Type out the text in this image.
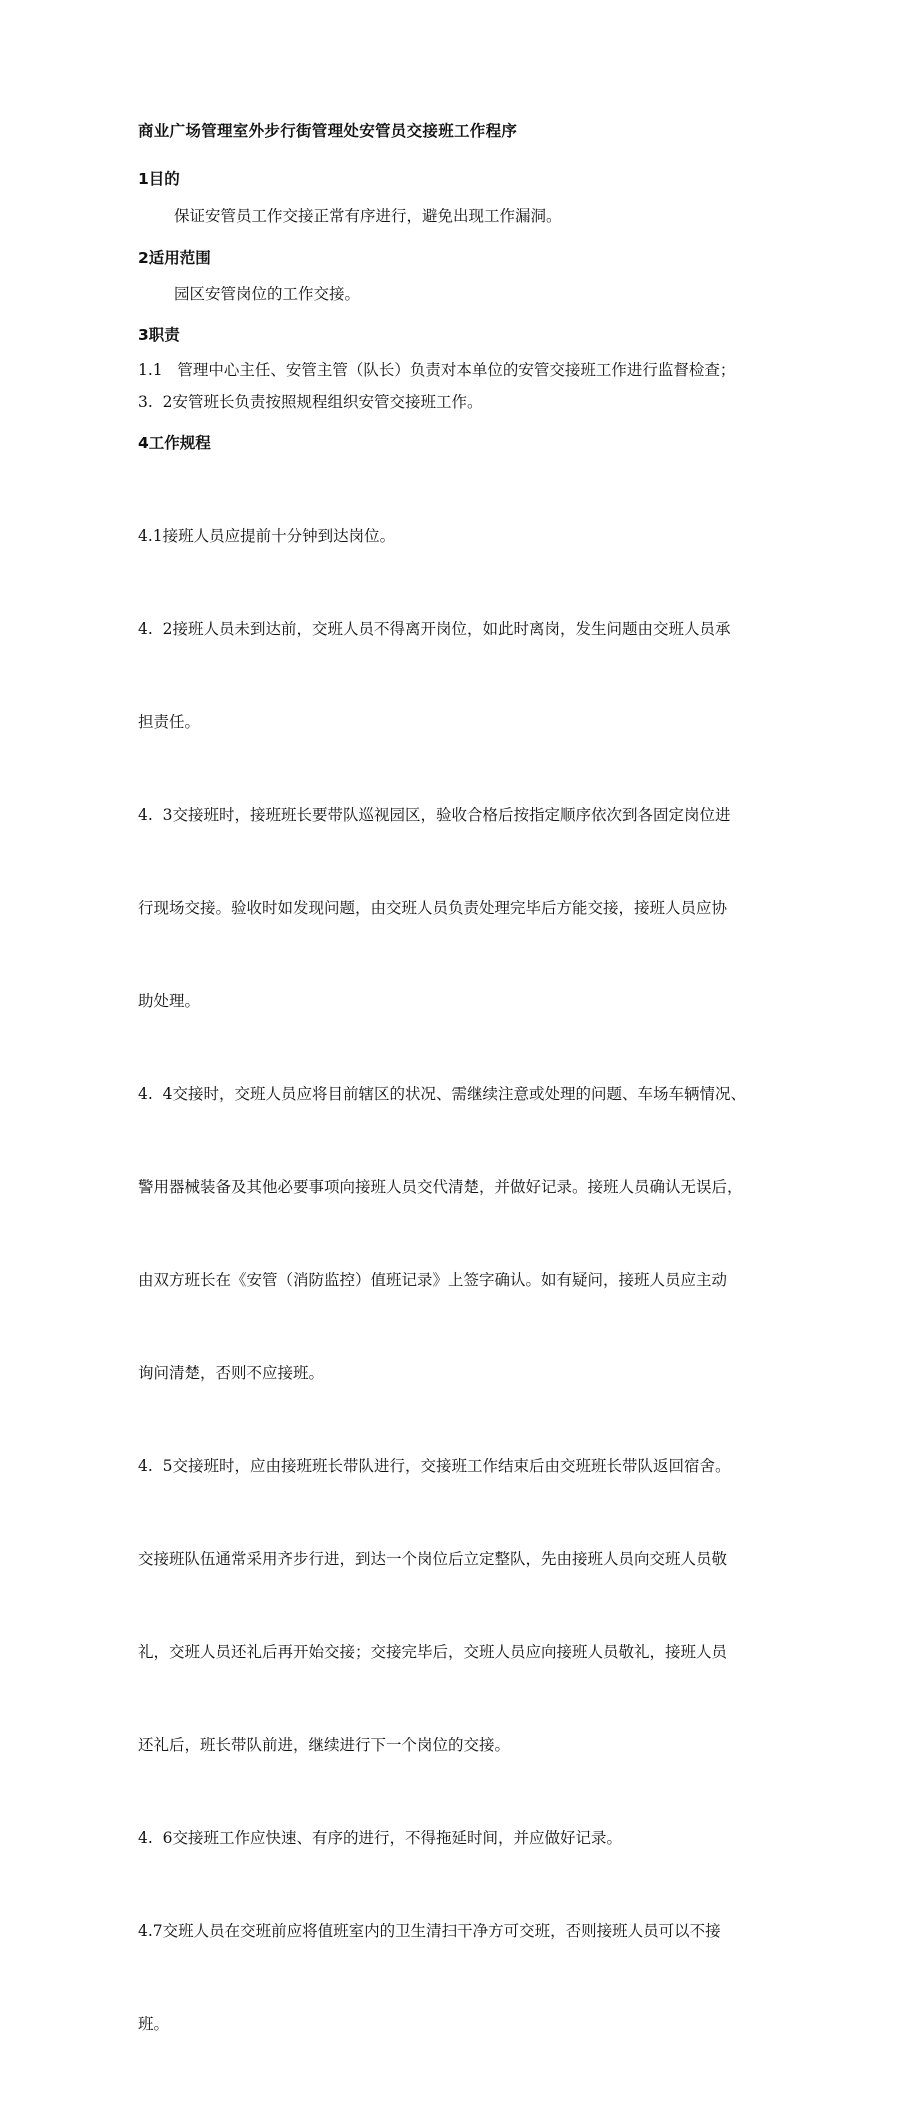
商业广场管理室外步行街管理处安管员交接班工作程序
1目的
保证安管员工作交接正常有序进行，避免出现工作漏洞。
2适用范围
园区安管岗位的工作交接。
3职责
1.1   管理中心主任、安管主管（队长）负责对本单位的安管交接班工作进行监督检查；
3.  2安管班长负责按照规程组织安管交接班工作。
4工作规程

4.1接班人员应提前十分钟到达岗位。

4.  2接班人员未到达前，交班人员不得离开岗位，如此时离岗，发生问题由交班人员承

担责任。

4.  3交接班时，接班班长要带队巡视园区，验收合格后按指定顺序依次到各固定岗位进

行现场交接。验收时如发现问题，由交班人员负责处理完毕后方能交接，接班人员应协

助处理。

4.  4交接时，交班人员应将目前辖区的状况、需继续注意或处理的问题、车场车辆情况、

警用器械装备及其他必要事项向接班人员交代清楚，并做好记录。接班人员确认无误后，

由双方班长在《安管（消防监控）值班记录》上签字确认。如有疑问，接班人员应主动

询问清楚，否则不应接班。

4.  5交接班时，应由接班班长带队进行，交接班工作结束后由交班班长带队返回宿舍。

交接班队伍通常采用齐步行进，到达一个岗位后立定整队，先由接班人员向交班人员敬

礼，交班人员还礼后再开始交接；交接完毕后，交班人员应向接班人员敬礼，接班人员

还礼后，班长带队前进，继续进行下一个岗位的交接。

4.  6交接班工作应快速、有序的进行，不得拖延时间，并应做好记录。

4.7交班人员在交班前应将值班室内的卫生清扫干净方可交班，否则接班人员可以不接

班。
